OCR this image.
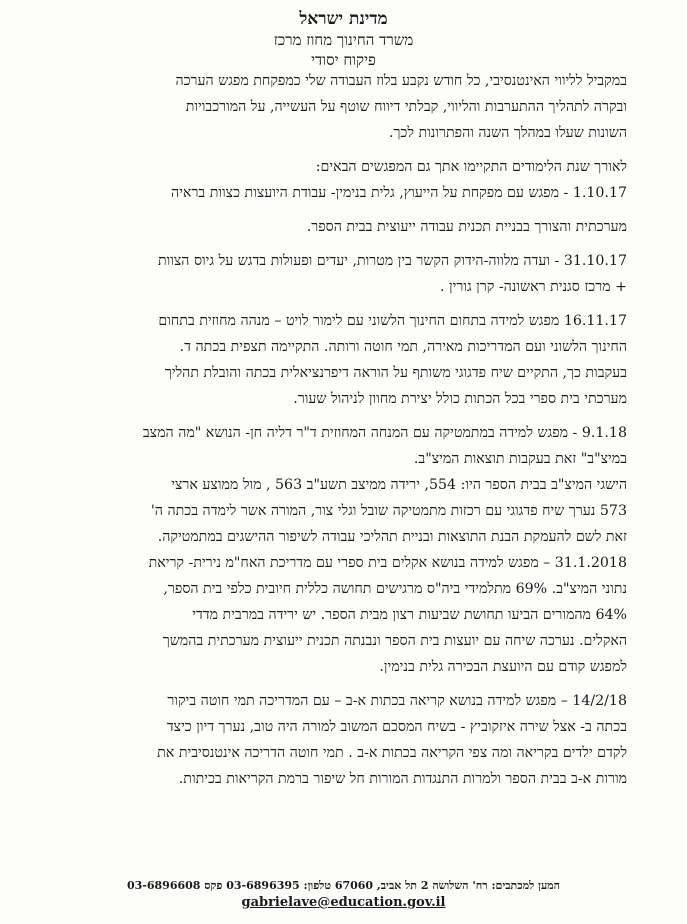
מדינת ישראל
משרד החינוך מחוז מרכז
פיקוח יסודי
במקביל לליווי האינטנסיבי, כל חודש נקבע בלוז העבודה שלי כמפקחת מפגש הערכה
ובקרה לתהליך ההתערבות והליווי, קבלתי דיווח שוטף על העשייה, על המורכבויות
השונות שעלו במהלך השנה והפתרונות לכך.
לאורך שנת הלימודים התקיימו אתך גם המפגשים הבאים:
1.10.17 - מפגש עם מפקחת על הייעוץ, גלית בנימין- עבודת היועצות כצוות בראיה
מערכתית והצורך בבניית תכנית עבודה ייעוצית בבית הספר.
31.10.17 - ועדה מלווה-הידוק הקשר בין מטרות, יעדים ופעולות בדגש על גיוס הצוות
+ מרכז סגנית ראשונה- קרן גורין .
16.11.17 מפגש למידה בתחום החינוך הלשוני עם לימור לויט – מנהה מחוזית בתחום
החינוך הלשוני ועם המדריכות מאירה, תמי חוטה ורותה. התקיימה תצפית בכתה ד.
בעקבות כך, התקיים שיח פדגוגי משותף על הוראה דיפרנציאלית בכתה והובלת תהליך
מערכתי בית ספרי בכל הכתות כולל יצירת מחוון לניהול שעור.
9.1.18 - מפגש למידה במתמטיקה עם המנחה המחוזית ד"ר דליה חן- הנושא "מה המצב
במיצ"ב" זאת בעקבות תוצאות המיצ"ב.
הישגי המיצ"ב בבית הספר היו: 554, ירידה ממיצב תשע"ב 563 , מול ממוצע ארצי
573 נערך שיח פדגוגי עם רכזות מתמטיקה שובל וגלי צור, המורה אשר לימדה בכתה ה'
זאת לשם להעמקת הבנת התוצאות ובניית תהליכי עבודה לשיפור ההישגים במתמטיקה.
31.1.2018 – מפגש למידה בנושא אקלים בית ספרי עם מדריכת האח"מ נירית- קריאת
נתוני המיצ"ב. 69% מתלמידי ביה"ס מרגישים תחושה כללית חיובית כלפי בית הספר,
64% מהמורים הביעו תחושת שביעות רצון מבית הספר. יש ירידה במרבית מדדי
האקלים. נערכה שיחה עם יועצות בית הספר ונבנתה תכנית ייעוצית מערכתית בהמשך
למפגש קודם עם היועצת הבכירה גלית בנימין.
14/2/18 – מפגש למידה בנושא קריאה בכתות א-ב – עם המדריכה תמי חוטה ביקור
בכתה ב- אצל שירה איזקוביץ - בשיח המסכם המשוב למורה היה טוב, נערך דיון כיצד
לקדם ילדים בקריאה ומה צפי הקריאה בכתות א-ב . תמי חוטה הדריכה אינטנסיבית את
מורות א-ב בבית הספר ולמרות התנגדות המורות חל שיפור ברמת הקריאות בכיתות.
המען למכתבים: רח' השלושה 2 תל אביב, 67060 טלפון: 03-6896395 פקס 03-6896608
gabrielave@education.gov.il
